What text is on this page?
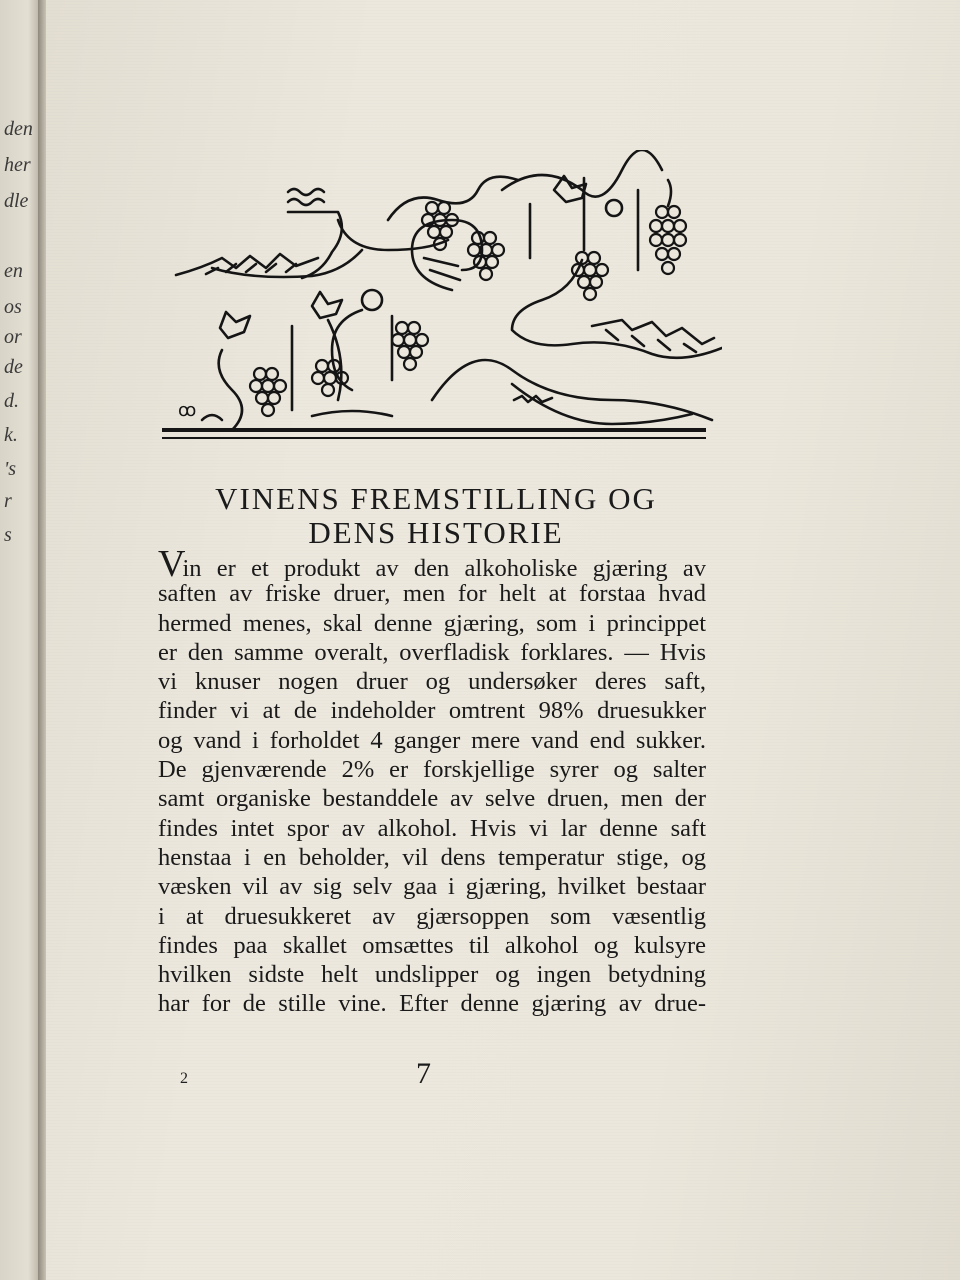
den
her
dle
en
os
or
de
d.
k.
's
r
s
ꝏ
VINENS FREMSTILLING OG
DENS HISTORIE
Vin er et produkt av den alkoholiske gjæring av
saften av friske druer, men for helt at forstaa hvad
hermed menes, skal denne gjæring, som i princippet
er den samme overalt, overfladisk forklares. — Hvis
vi knuser nogen druer og undersøker deres saft,
finder vi at de indeholder omtrent 98% druesukker
og vand i forholdet 4 ganger mere vand end sukker.
De gjenværende 2% er forskjellige syrer og salter
samt organiske bestanddele av selve druen, men der
findes intet spor av alkohol. Hvis vi lar denne saft
henstaa i en beholder, vil dens temperatur stige, og
væsken vil av sig selv gaa i gjæring, hvilket bestaar
i at druesukkeret av gjærsoppen som væsentlig
findes paa skallet omsættes til alkohol og kulsyre
hvilken sidste helt undslipper og ingen betydning
har for de stille vine. Efter denne gjæring av drue-
2	7
